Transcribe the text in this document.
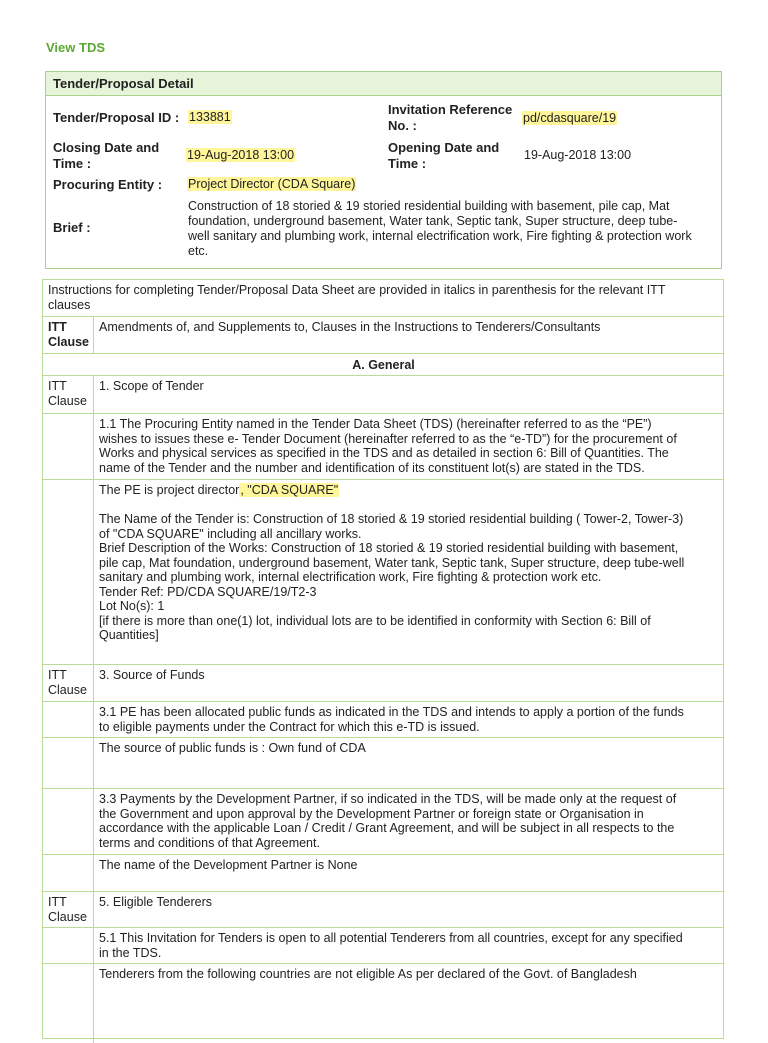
View TDS
Tender/Proposal Detail
Tender/Proposal ID : 133881	Invitation Reference
No. :	pd/cdasquare/19
Closing Date and
Time :
19-Aug-2018 13:00	Opening Date and
Time :
19-Aug-2018 13:00
Procuring Entity : Project Director (CDA Square)
Brief :
Construction of 18 storied & 19 storied residential building with basement, pile cap, Mat
foundation, underground basement, Water tank, Septic tank, Super structure, deep tube-
well sanitary and plumbing work, internal electrification work, Fire fighting & protection work
etc.
Instructions for completing Tender/Proposal Data Sheet are provided in italics in parenthesis for the relevant ITT
clauses
ITT
Clause
Amendments of, and Supplements to, Clauses in the Instructions to Tenderers/Consultants
A. General
ITT
Clause
1. Scope of Tender
1.1 The Procuring Entity named in the Tender Data Sheet (TDS) (hereinafter referred to as the “PE”)
wishes to issues these e- Tender Document (hereinafter referred to as the “e-TD”) for the procurement of
Works and physical services as specified in the TDS and as detailed in section 6: Bill of Quantities. The
name of the Tender and the number and identification of its constituent lot(s) are stated in the TDS.
The PE is project director, "CDA SQUARE"
The Name of the Tender is: Construction of 18 storied & 19 storied residential building ( Tower-2, Tower-3)
of "CDA SQUARE" including all ancillary works.
Brief Description of the Works: Construction of 18 storied & 19 storied residential building with basement,
pile cap, Mat foundation, underground basement, Water tank, Septic tank, Super structure, deep tube-well
sanitary and plumbing work, internal electrification work, Fire fighting & protection work etc.
Tender Ref: PD/CDA SQUARE/19/T2-3
Lot No(s): 1
[if there is more than one(1) lot, individual lots are to be identified in conformity with Section 6: Bill of
Quantities]
ITT
Clause
3. Source of Funds
3.1 PE has been allocated public funds as indicated in the TDS and intends to apply a portion of the funds
to eligible payments under the Contract for which this e-TD is issued.
The source of public funds is : Own fund of CDA
3.3 Payments by the Development Partner, if so indicated in the TDS, will be made only at the request of
the Government and upon approval by the Development Partner or foreign state or Organisation in
accordance with the applicable Loan / Credit / Grant Agreement, and will be subject in all respects to the
terms and conditions of that Agreement.
The name of the Development Partner is None
ITT
Clause
5. Eligible Tenderers
5.1 This Invitation for Tenders is open to all potential Tenderers from all countries, except for any specified
in the TDS.
Tenderers from the following countries are not eligible As per declared of the Govt. of Bangladesh
